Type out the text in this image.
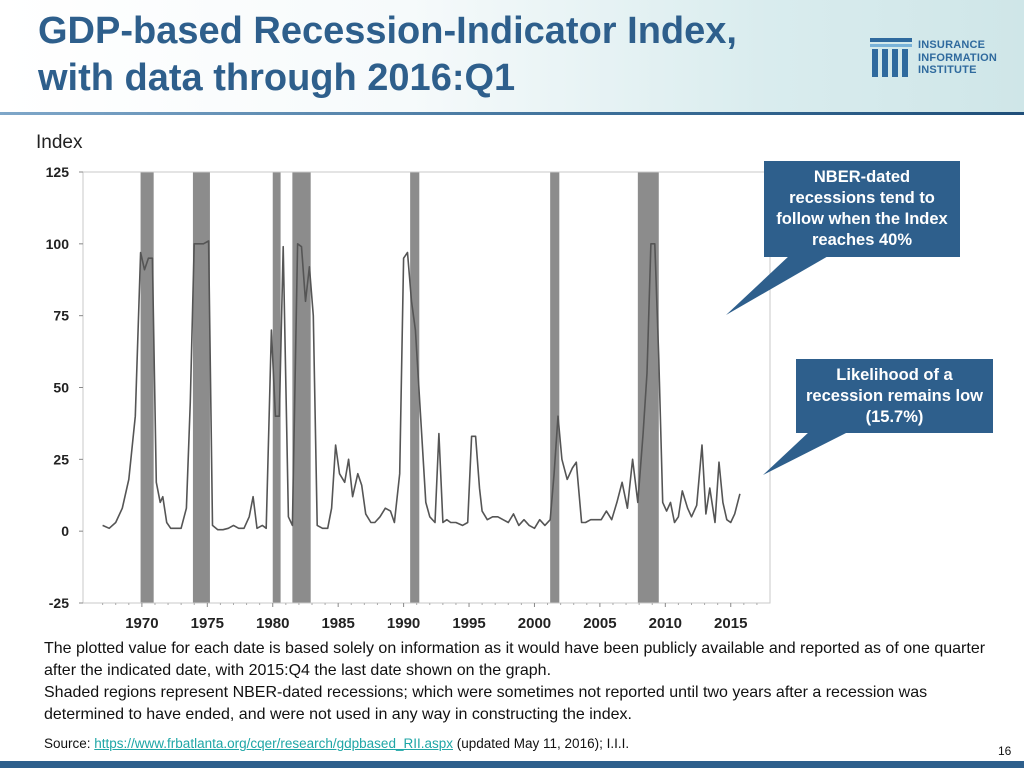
GDP-based Recession-Indicator Index,
with data through 2016:Q1
INSURANCE
INFORMATION
INSTITUTE
Index
-25
0
25
50
75
100
125
1970 1975 1980 1985 1990 1995 2000 2005 2010 2015
NBER-dated recessions tend to follow when the Index reaches 40%
Likelihood of a recession remains low (15.7%)

The plotted value for each date is based solely on information as it would have been publicly available and reported as of one quarter after the indicated date, with 2015:Q4 the last date shown on the graph.

Shaded regions represent NBER-dated recessions; which were sometimes not reported until two years after a recession was determined to have ended, and were not used in any way in constructing the index.

Source: https://www.frbatlanta.org/cqer/research/gdpbased_RII.aspx (updated May 11, 2016); I.I.I.	16
